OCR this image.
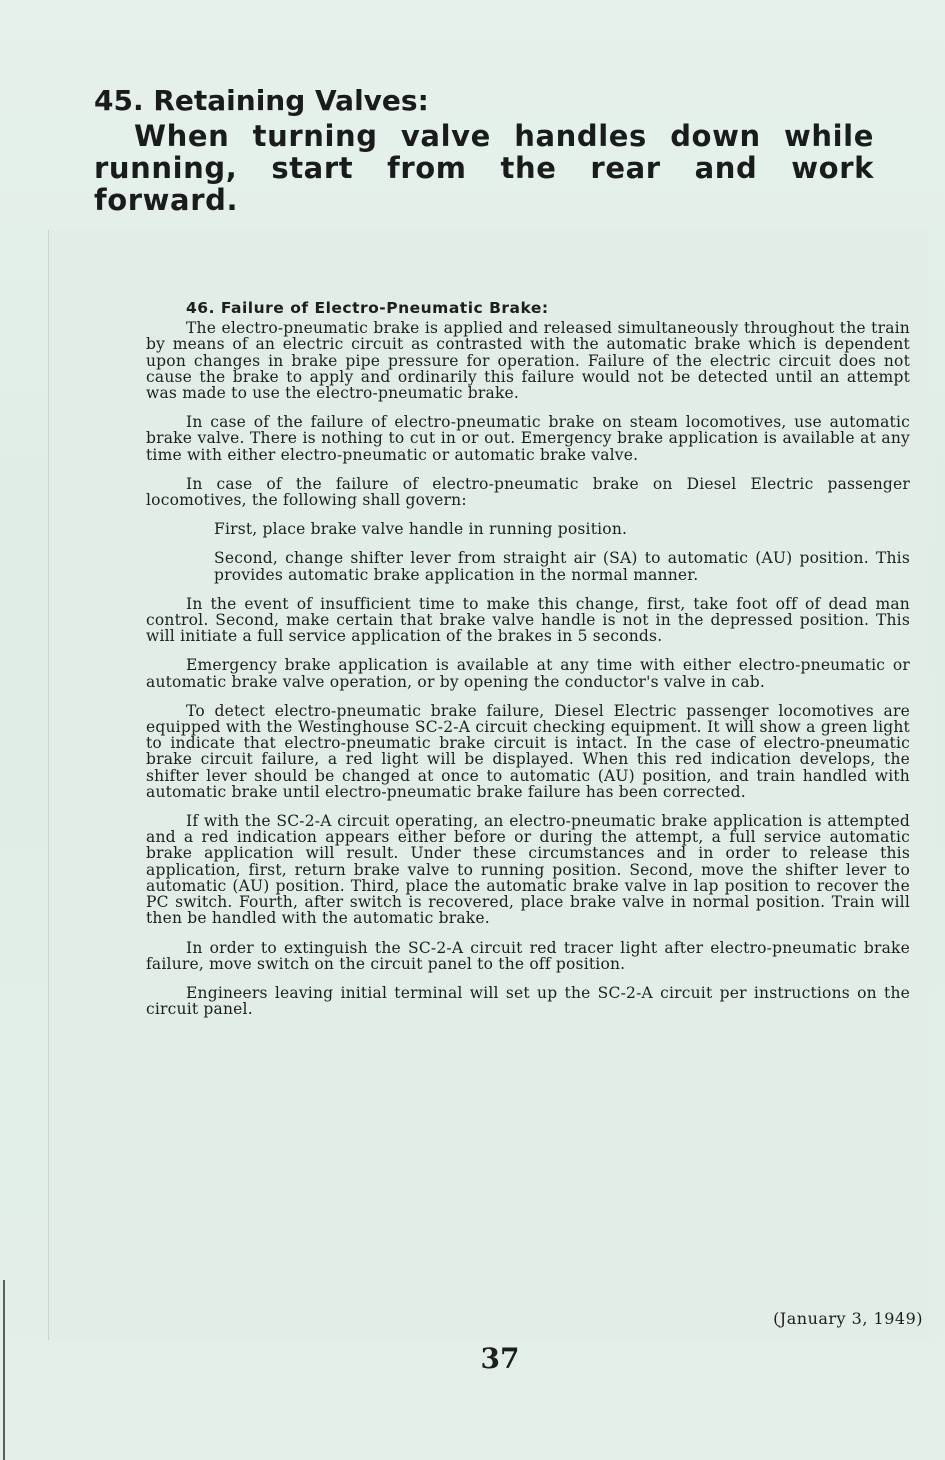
45. Retaining Valves:

When turning valve handles down while running, start from the rear and work forward.

46. Failure of Electro-Pneumatic Brake:

The electro-pneumatic brake is applied and released simultaneously throughout the train by means of an electric circuit as contrasted with the automatic brake which is dependent upon changes in brake pipe pressure for operation. Failure of the electric circuit does not cause the brake to apply and ordinarily this failure would not be detected until an attempt was made to use the electro-pneumatic brake.

In case of the failure of electro-pneumatic brake on steam locomotives, use automatic brake valve. There is nothing to cut in or out. Emergency brake application is available at any time with either electro-pneumatic or automatic brake valve.

In case of the failure of electro-pneumatic brake on Diesel Electric passenger locomotives, the following shall govern:

First, place brake valve handle in running position.

Second, change shifter lever from straight air (SA) to automatic (AU) position. This provides automatic brake application in the normal manner.

In the event of insufficient time to make this change, first, take foot off of dead man control. Second, make certain that brake valve handle is not in the depressed position. This will initiate a full service application of the brakes in 5 seconds.

Emergency brake application is available at any time with either electro-pneumatic or automatic brake valve operation, or by opening the conductor's valve in cab.

To detect electro-pneumatic brake failure, Diesel Electric passenger locomotives are equipped with the Westinghouse SC-2-A circuit checking equipment. It will show a green light to indicate that electro-pneumatic brake circuit is intact. In the case of electro-pneumatic brake circuit failure, a red light will be displayed. When this red indication develops, the shifter lever should be changed at once to automatic (AU) position, and train handled with automatic brake until electro-pneumatic brake failure has been corrected.

If with the SC-2-A circuit operating, an electro-pneumatic brake application is attempted and a red indication appears either before or during the attempt, a full service automatic brake application will result. Under these circumstances and in order to release this application, first, return brake valve to running position. Second, move the shifter lever to automatic (AU) position. Third, place the automatic brake valve in lap position to recover the PC switch. Fourth, after switch is recovered, place brake valve in normal position. Train will then be handled with the automatic brake.

In order to extinguish the SC-2-A circuit red tracer light after electro-pneumatic brake failure, move switch on the circuit panel to the off position.

Engineers leaving initial terminal will set up the SC-2-A circuit per instructions on the circuit panel.

(January 3, 1949)
37
